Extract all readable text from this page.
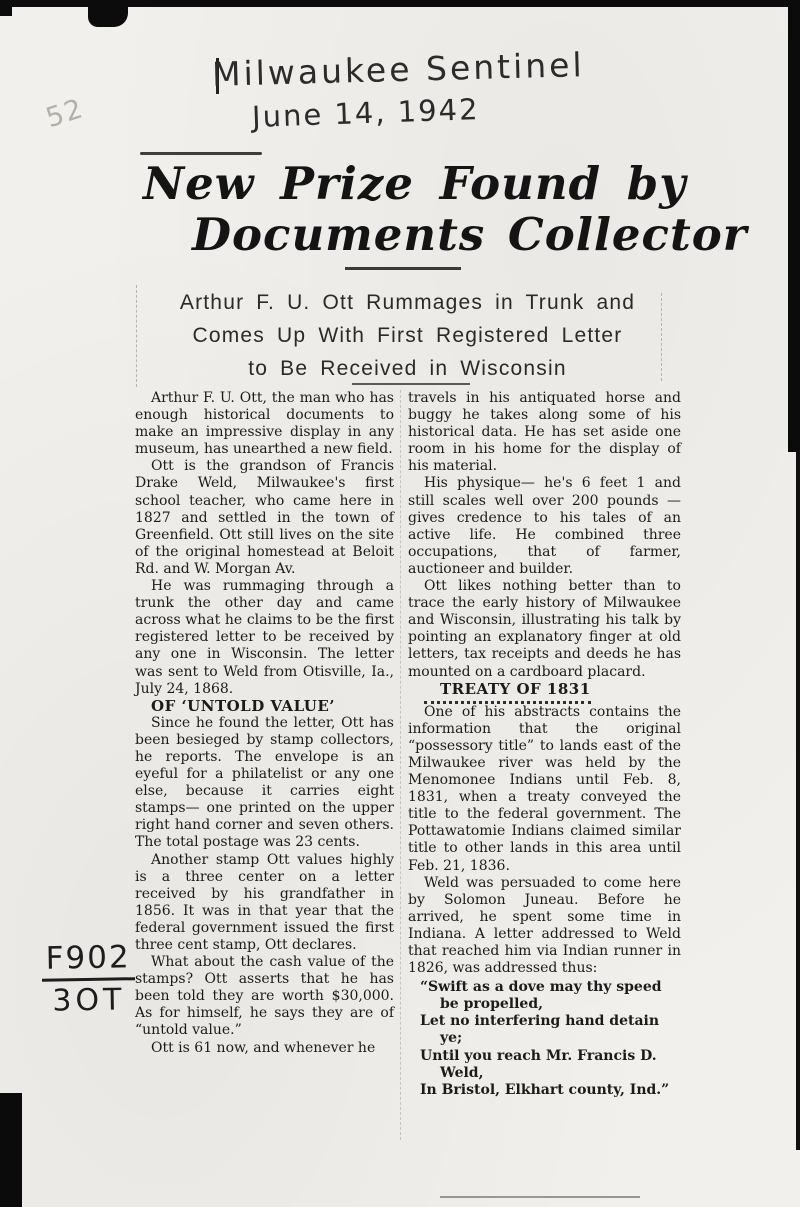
Milwaukee Sentinel
June 14, 1942
52
$\frac{F902}{3OT}$
New Prize Found by
Documents Collector
Arthur F. U. Ott Rummages in Trunk and
Comes Up With First Registered Letter
to Be Received in Wisconsin

Arthur F. U. Ott, the man who has enough historical documents to make an impressive display in any museum, has unearthed a new field.

Ott is the grandson of Francis Drake Weld, Milwaukee's first school teacher, who came here in 1827 and settled in the town of Greenfield. Ott still lives on the site of the original homestead at Beloit Rd. and W. Morgan Av.

He was rummaging through a trunk the other day and came across what he claims to be the first registered letter to be received by any one in Wisconsin. The letter was sent to Weld from Otisville, Ia., July 24, 1868.

OF ‘UNTOLD VALUE’

Since he found the letter, Ott has been besieged by stamp collectors, he reports. The envelope is an eyeful for a philatelist or any one else, because it carries eight stamps— one printed on the upper right hand corner and seven others. The total postage was 23 cents.

Another stamp Ott values highly is a three center on a letter received by his grandfather in 1856. It was in that year that the federal government issued the first three cent stamp, Ott declares.

What about the cash value of the stamps? Ott asserts that he has been told they are worth $30,000. As for himself, he says they are of “untold value.”

Ott is 61 now, and whenever he

travels in his antiquated horse and buggy he takes along some of his historical data. He has set aside one room in his home for the display of his material.

His physique— he's 6 feet 1 and still scales well over 200 pounds —gives credence to his tales of an active life. He combined three occupations, that of farmer, auctioneer and builder.

Ott likes nothing better than to trace the early history of Milwaukee and Wisconsin, illustrating his talk by pointing an explanatory finger at old letters, tax receipts and deeds he has mounted on a cardboard placard.

TREATY OF 1831

One of his abstracts contains the information that the original “possessory title” to lands east of the Milwaukee river was held by the Menomonee Indians until Feb. 8, 1831, when a treaty conveyed the title to the federal government. The Pottawatomie Indians claimed similar title to other lands in this area until Feb. 21, 1836.

Weld was persuaded to come here by Solomon Juneau. Before he arrived, he spent some time in Indiana. A letter addressed to Weld that reached him via Indian runner in 1826, was addressed thus:

“Swift as a dove may thy speed be propelled,
Let no interfering hand detain ye;
Until you reach Mr. Francis D. Weld,
In Bristol, Elkhart county, Ind.”
